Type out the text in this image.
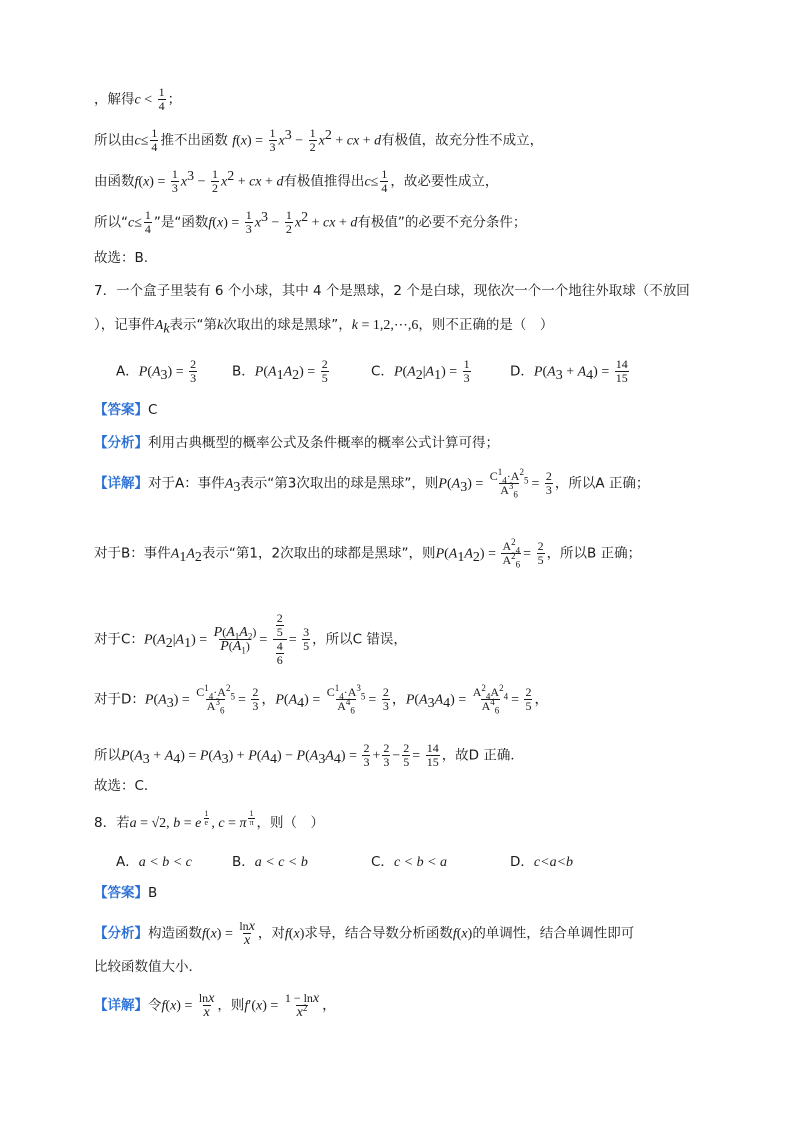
，解得$c < \frac{1}{4}$ ；
所以由$c\le \frac{1}{4}$ 推不出函数 $f(x) = \frac{1}{3} x^3 - \frac{1}{2} x^2$ + cx + d有极值，故充分性不成立，
由函数$f(x) = \frac{1}{3} x^3 - \frac{1}{2} x^2$ + cx + d有极值推得出$c\le \frac{1}{4}$ ，故必要性成立，
所以“$c\le \frac{1}{4}$ ”是“函数$f(x) = \frac{1}{3} x^3 - \frac{1}{2} x^2$ + cx + d有极值”的必要不充分条件；
故选：B.
7．一个盒子里装有 6 个小球，其中 4 个是黑球，2 个是白球，现依次一个一个地往外取球（不放回
），记事件$A_k$表示“第k次取出的球是黑球”，k = 1,2,⋯,6，则不正确的是（　）
A．$P(A_3) = \frac{2}{3}$	B．$P(A_1A_2) = \frac{2}{5}$	C．$P(A_2|A_1) = \frac{1}{3}$	D．$P(A_3 + A_4) = \frac{14}{15}$
【答案】C
【分析】利用古典概型的概率公式及条件概率的概率公式计算可得；
【详解】对于A：事件$A_3$表示“第3次取出的球是黑球”，则$P(A_3) = \frac{C^1_4\cdot A^2_5}{A^3_6} = \frac{2}{3}$ ，所以A 正确；
对于B：事件$A_1A_2$表示“第1，2次取出的球都是黑球”，则$P(A_1A_2) = \frac{A^2_4}{A^2_6} = \frac{2}{5}$ ，所以B 正确；
对于C：$P(A_2|A_1) = \frac{P(A_1A_2)}{P(A_1)} = \frac{\frac{2}{5}}{\frac{4}{6}} = \frac{3}{5}$ ，所以C 错误，
对于D：$P(A_3) = \frac{C^1_4\cdot A^2_5}{A^3_6} = \frac{2}{3}$ ，$P(A_4) = \frac{C^1_4\cdot A^3_5}{A^4_6} = \frac{2}{3}$ ，$P(A_3A_4) = \frac{A^2_4A^2_4}{A^4_6} = \frac{2}{5}$ ，
所以$P(A_3 + A_4) = P(A_3) + P(A_4) - P(A_3A_4) = \frac{2}{3} + \frac{2}{3} - \frac{2}{5} = \frac{14}{15}$ ，故D 正确．
故选：C．
8．若a = √2, b = e $^{\frac{1}{e}}$ , c = π $^{\frac{1}{\pi}}$ ，则（　）
A．a < b < c	B．a < c < b	C．c < b < a	D．c<a<b
【答案】B
【分析】构造函数$f(x) = \frac{\ln x}{x}$ ，对f(x)求导，结合导数分析函数f(x)的单调性，结合单调性即可
比较函数值大小．
【详解】令$f(x) = \frac{\ln x}{x}$ ，则$f'(x) = \frac{1 - \ln x}{x^2}$ ，
